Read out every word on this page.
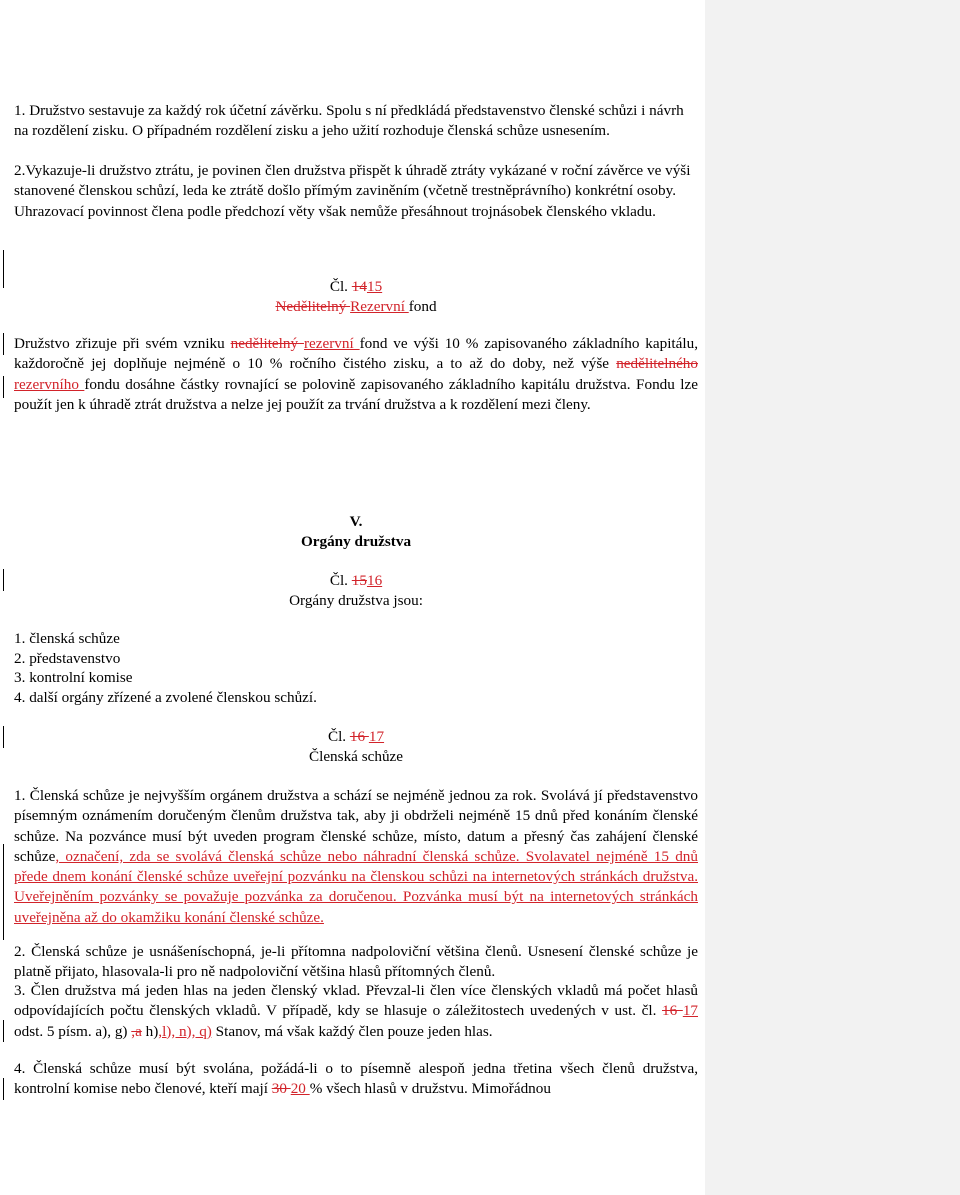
1. Družstvo sestavuje za každý rok účetní závěrku. Spolu s ní předkládá představenstvo členské schůzi i návrh na rozdělení zisku. O případném rozdělení zisku a jeho užití rozhoduje členská schůze usnesením.

2.Vykazuje-li družstvo ztrátu, je povinen člen družstva přispět k úhradě ztráty vykázané v roční závěrce ve výši stanovené členskou schůzí, leda ke ztrátě došlo přímým zaviněním (včetně trestněprávního) konkrétní osoby. Uhrazovací povinnost člena podle předchozí věty však nemůže přesáhnout trojnásobek členského vkladu.

Čl. 1415

Nedělitelný Rezervní fond

Družstvo zřizuje při svém vzniku nedělitelný rezervní fond ve výši 10 % zapisovaného základního kapitálu, každoročně jej doplňuje nejméně o 10 % ročního čistého zisku, a to až do doby, než výše nedělitelného rezervního fondu dosáhne částky rovnající se polovině zapisovaného základního kapitálu družstva. Fondu lze použít jen k úhradě ztrát družstva a nelze jej použít za trvání družstva a k rozdělení mezi členy.

V.

Orgány družstva

Čl. 1516

Orgány družstva jsou:

1. členská schůze

2. představenstvo

3. kontrolní komise

4. další orgány zřízené a zvolené členskou schůzí.

Čl. 16 17

Členská schůze

1. Členská schůze je nejvyšším orgánem družstva a schází se nejméně jednou za rok. Svolává jí představenstvo písemným oznámením doručeným členům družstva tak, aby ji obdrželi nejméně 15 dnů před konáním členské schůze. Na pozvánce musí být uveden program členské schůze, místo, datum a přesný čas zahájení členské schůze, označení, zda se svolává členská schůze nebo náhradní členská schůze. Svolavatel nejméně 15 dnů přede dnem konání členské schůze uveřejní pozvánku na členskou schůzi na internetových stránkách družstva. Uveřejněním pozvánky se považuje pozvánka za doručenou. Pozvánka musí být na internetových stránkách uveřejněna až do okamžiku konání členské schůze.

2. Členská schůze je usnášeníschopná, je-li přítomna nadpoloviční většina členů. Usnesení členské schůze je platně přijato, hlasovala-li pro ně nadpoloviční většina hlasů přítomných členů.

3. Člen družstva má jeden hlas na jeden členský vklad. Převzal-li člen více členských vkladů má počet hlasů odpovídajících počtu členských vkladů. V případě, kdy se hlasuje o záležitostech uvedených v ust. čl. 16 17 odst. 5 písm. a), g) ,a h),l), n), q) Stanov, má však každý člen pouze jeden hlas.

4. Členská schůze musí být svolána, požádá-li o to písemně alespoň jedna třetina všech členů družstva, kontrolní komise nebo členové, kteří mají 30 20 % všech hlasů v družstvu. Mimořádnou
